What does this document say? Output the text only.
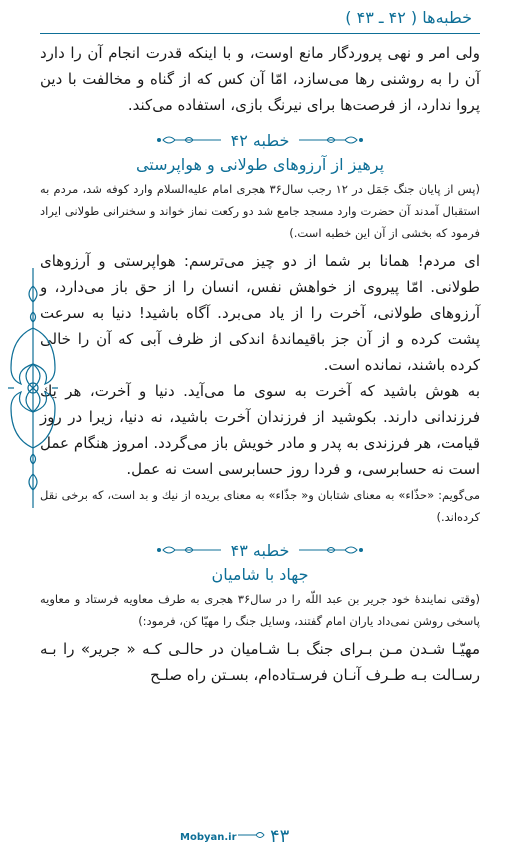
خطبه‌ها ( ۴۲ ـ ۴۳ )

ولی امر و نهی پروردگار مانع اوست، و با اینکه قدرت انجام آن را دارد آن را به روشنی رها می‌سازد، امّا آن کس که از گناه و مخالفت با دین پروا ندارد، از فرصت‌ها برای نیرنگ بازی، استفاده می‌کند.

خطبه ۴۲
پرهیز از آرزوهای طولانی و هواپرستی

(پس از پایان جنگ جَمَل در ۱۲ رجب سال۳۶ هجری امام عليه‌السلام وارد کوفه شد، مردم به استقبال آمدند آن حضرت وارد مسجد جامع شد دو رکعت نماز خواند و سخنرانی طولانی ایراد فرمود که بخشی از آن این خطبه است.)

ای مردم! همانا بر شما از دو چیز می‌ترسم: هواپرستی و آرزوهای طولانی. امّا پیروی از خواهش نفس، انسان را از حق باز می‌دارد، و آرزوهای طولانی، آخرت را از یاد می‌برد. آگاه باشید! دنیا به سرعت پشت کرده و از آن جز باقیماندۀ اندکی از ظرف آبی که آن را خالی کرده باشند، نمانده است.

به هوش باشید که آخرت به سوی ما می‌آید. دنیا و آخرت، هر یك فرزندانی دارند. بکوشید از فرزندان آخرت باشید، نه دنیا، زیرا در روز قیامت، هر فرزندی به پدر و مادر خویش باز می‌گردد. امروز هنگام عمل است نه حسابرسی، و فردا روز حسابرسی است نه عمل.

می‌گویم: «حذّاء» به معنای شتابان و« جذّاء» به معنای بریده از نیك و بد است، که برخی نقل کرده‌اند.)

خطبه ۴۳
جهاد با شامیان

(وقتی نمایندۀ خود جریر بن عبد اللّه را در سال۳۶ هجری به طرف معاویه فرستاد و معاویه پاسخی روشن نمی‌داد یاران امام گفتند، وسایل جنگ را مهیّا کن، فرمود:)

مهیّـا شـدن مـن بـرای جنگ بـا شـامیان در حالـی کـه « جریر» را بـه رسـالت بـه طـرف آنـان فرسـتاده‌ام، بسـتن راه صلـح

Mobyan.ir ۴۳
